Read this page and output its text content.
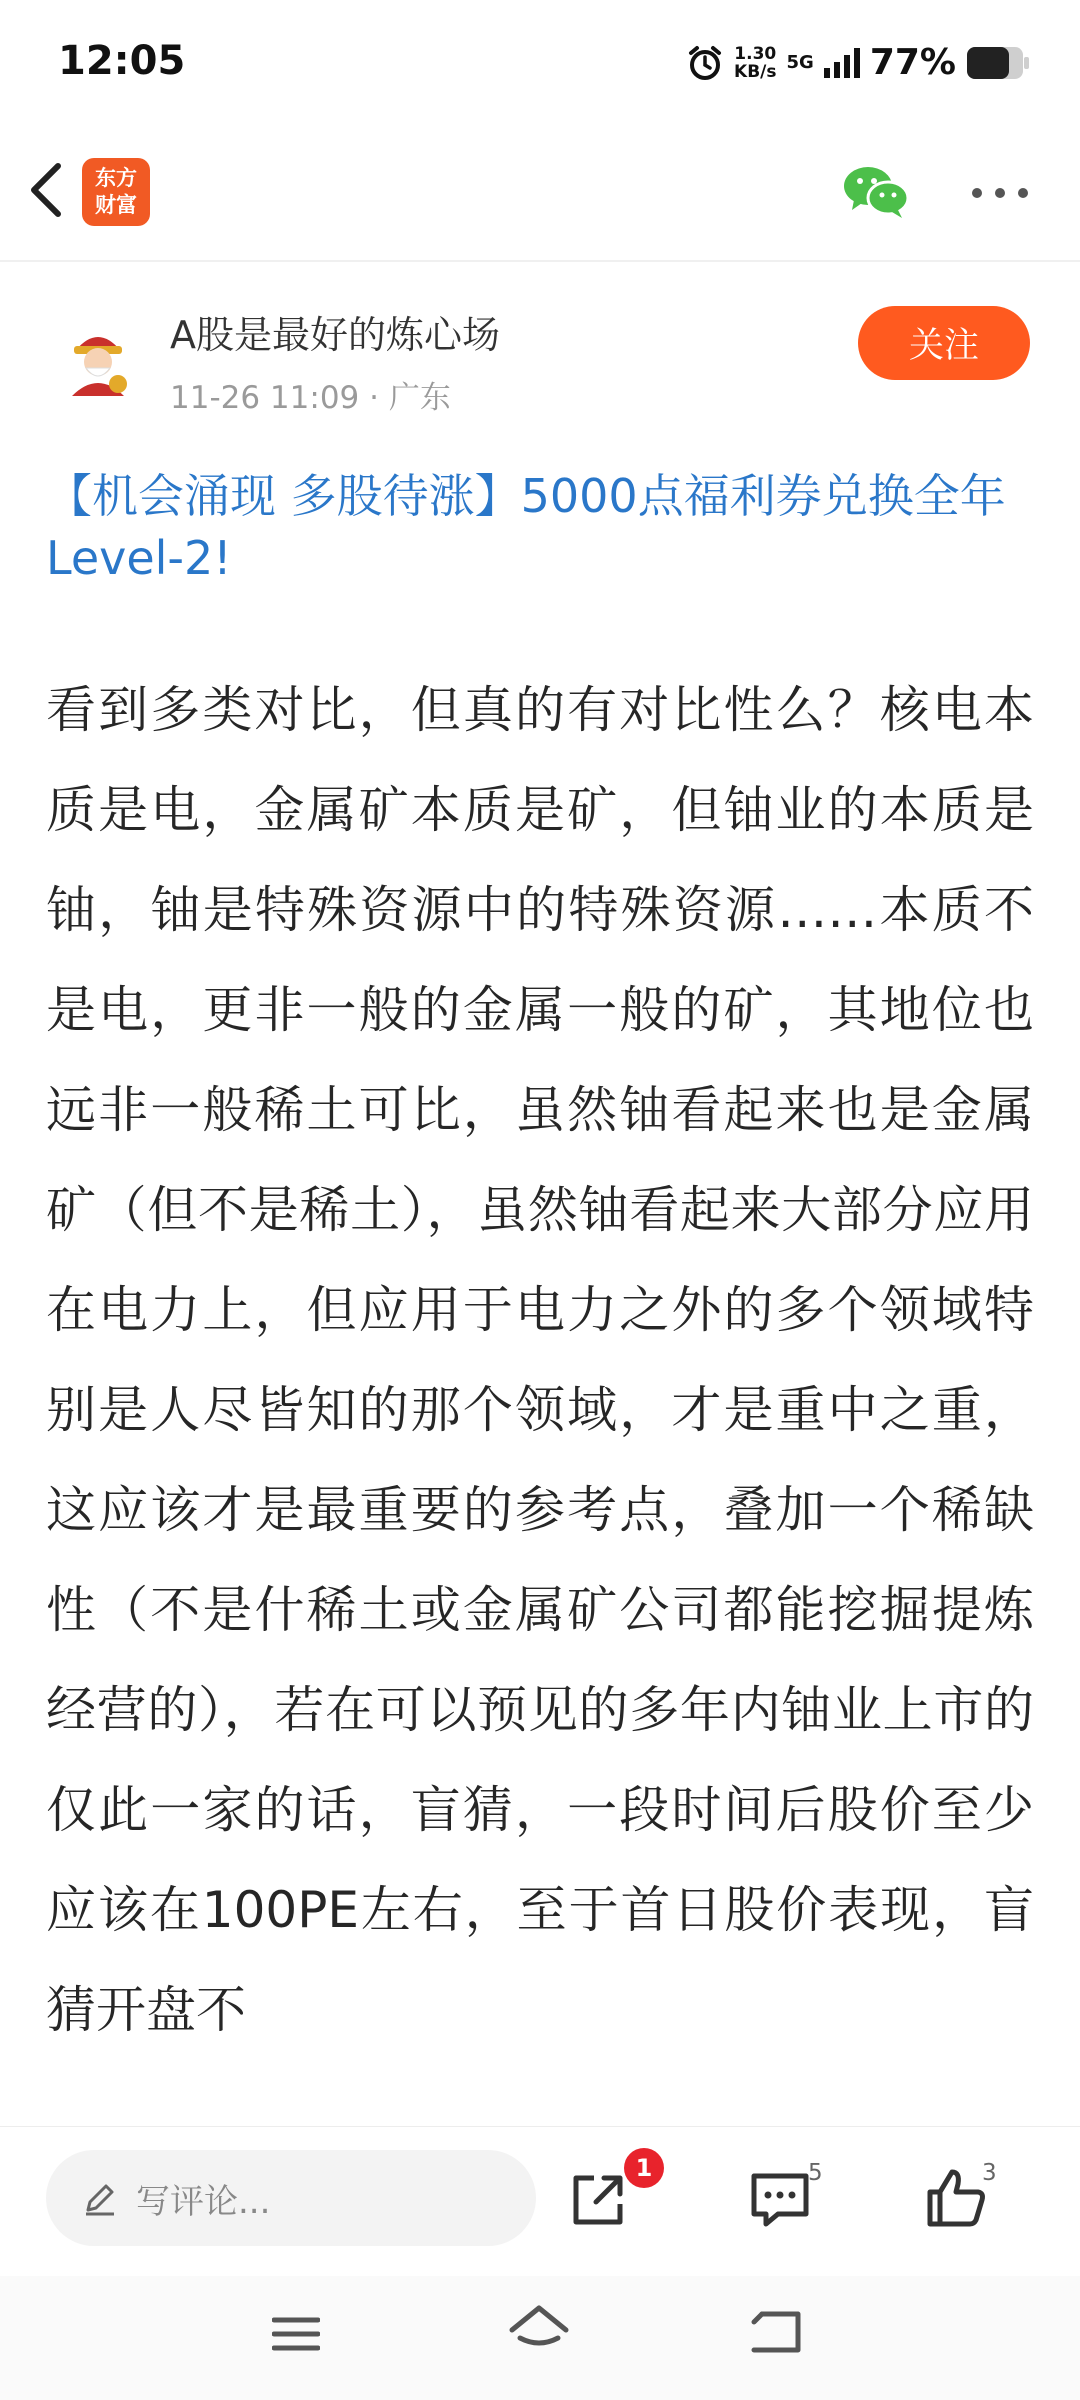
12:05	1.30
KB/s 5G 77%
东方
财富
A股是最好的炼心场
11-26 11:09 · 广东
关注
【机会涌现 多股待涨】5000点福利券兑换全年Level-2!

看到多类对比，但真的有对比性么？核电本质是电，金属矿本质是矿，但铀业的本质是铀，铀是特殊资源中的特殊资源……本质不是电，更非一般的金属一般的矿，其地位也远非一般稀土可比，虽然铀看起来也是金属矿（但不是稀土），虽然铀看起来大部分应用在电力上，但应用于电力之外的多个领域特别是人尽皆知的那个领域，才是重中之重，这应该才是最重要的参考点，叠加一个稀缺性（不是什稀土或金属矿公司都能挖掘提炼经营的），若在可以预见的多年内铀业上市的仅此一家的话，盲猜，一段时间后股价至少应该在100PE左右，至于首日股价表现，盲猜开盘不

写评论...
1	5	3
